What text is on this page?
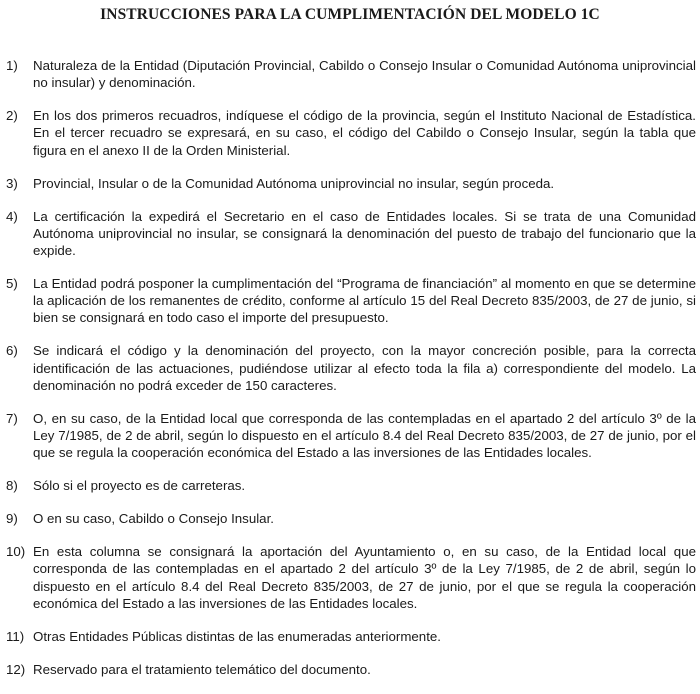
INSTRUCCIONES PARA LA CUMPLIMENTACIÓN DEL MODELO 1C
1)	Naturaleza de la Entidad (Diputación Provincial, Cabildo o Consejo Insular o Comunidad Autónoma uniprovincial no insular) y denominación.
2)	En los dos primeros recuadros, indíquese el código de la provincia, según el Instituto Nacional de Estadística. En el tercer recuadro se expresará, en su caso, el código del Cabildo o Consejo Insular, según la tabla que figura en el anexo II de la Orden Ministerial.
3)	Provincial, Insular o de la Comunidad Autónoma uniprovincial no insular, según proceda.
4)	La certificación la expedirá el Secretario en el caso de Entidades locales. Si se trata de una Comunidad Autónoma uniprovincial no insular, se consignará la denominación del puesto de trabajo del funcionario que la expide.
5)	La Entidad podrá posponer la cumplimentación del “Programa de financiación” al momento en que se determine la aplicación de los remanentes de crédito, conforme al artículo 15 del Real Decreto 835/2003, de 27 de junio, si bien se consignará en todo caso el importe del presupuesto.
6)	Se indicará el código y la denominación del proyecto, con la mayor concreción posible, para la correcta identificación de las actuaciones, pudiéndose utilizar al efecto toda la fila a) correspondiente del modelo. La denominación no podrá exceder de 150 caracteres.
7)	O, en su caso, de la Entidad local que corresponda de las contempladas en el apartado 2 del artículo 3º de la Ley 7/1985, de 2 de abril, según lo dispuesto en el artículo 8.4 del Real Decreto 835/2003, de 27 de junio, por el que se regula la cooperación económica del Estado a las inversiones de las Entidades locales.
8)	Sólo si el proyecto es de carreteras.
9)	O en su caso, Cabildo o Consejo Insular.
10) En esta columna se consignará la aportación del Ayuntamiento o, en su caso, de la Entidad local que corresponda de las contempladas en el apartado 2 del artículo 3º de la Ley 7/1985, de 2 de abril, según lo dispuesto en el artículo 8.4 del Real Decreto 835/2003, de 27 de junio, por el que se regula la cooperación económica del Estado a las inversiones de las Entidades locales.
11) Otras Entidades Públicas distintas de las enumeradas anteriormente.
12) Reservado para el tratamiento telemático del documento.
